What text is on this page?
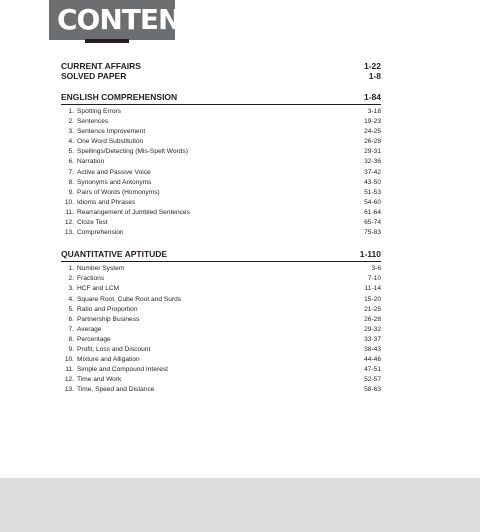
CONTENTS
CURRENT AFFAIRS	1-22
SOLVED PAPER	1-8
ENGLISH COMPREHENSION	1-84
1. Spotting Errors	3-18
2. Sentences	19-23
3. Sentence Improvement	24-25
4. One Word Substitution	26-28
5. Spellings/Detecting (Mis-Spelt Words)	29-31
6. Narration	32-36
7. Active and Passive Voice	37-42
8. Synonyms and Antonyms	43-50
9. Pairs of Words (Homonyms)	51-53
10. Idioms and Phrases	54-60
11. Rearrangement of Jumbled Sentences	61-64
12. Cloze Test	65-74
13. Comprehension	75-83
QUANTITATIVE APTITUDE	1-110
1. Number System	3-6
2. Fractions	7-10
3. HCF and LCM	11-14
4. Square Root, Cube Root and Surds	15-20
5. Ratio and Proportion	21-25
6. Partnership Business	26-28
7. Average	29-32
8. Percentage	33-37
9. Profit, Loss and Discount	38-43
10. Mixture and Alligation	44-46
11. Simple and Compound Interest	47-51
12. Time and Work	52-57
13. Time, Speed and Distance	58-63
